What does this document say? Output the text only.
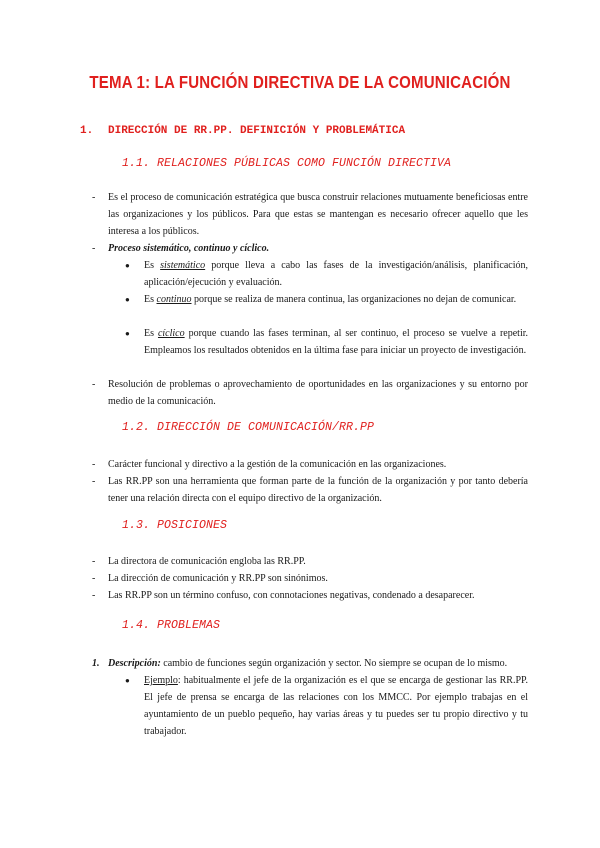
TEMA 1: LA FUNCIÓN DIRECTIVA DE LA COMUNICACIÓN
1. DIRECCIÓN DE RR.PP. DEFINICIÓN Y PROBLEMÁTICA
1.1. RELACIONES PÚBLICAS COMO FUNCIÓN DIRECTIVA
- Es el proceso de comunicación estratégica que busca construir relaciones mutuamente beneficiosas entre las organizaciones y los públicos. Para que estas se mantengan es necesario ofrecer aquello que les interesa a los públicos.
- Proceso sistemático, continuo y cíclico.
● Es sistemático porque lleva a cabo las fases de la investigación/análisis, planificación, aplicación/ejecución y evaluación.
● Es continuo porque se realiza de manera continua, las organizaciones no dejan de comunicar.
● Es cíclico porque cuando las fases terminan, al ser continuo, el proceso se vuelve a repetir. Empleamos los resultados obtenidos en la última fase para iniciar un proyecto de investigación.
- Resolución de problemas o aprovechamiento de oportunidades en las organizaciones y su entorno por medio de la comunicación.
1.2. DIRECCIÓN DE COMUNICACIÓN/RR.PP
- Carácter funcional y directivo a la gestión de la comunicación en las organizaciones.
- Las RR.PP son una herramienta que forman parte de la función de la organización y por tanto debería tener una relación directa con el equipo directivo de la organización.
1.3. POSICIONES
- La directora de comunicación engloba las RR.PP.
- La dirección de comunicación y RR.PP son sinónimos.
- Las RR.PP son un término confuso, con connotaciones negativas, condenado a desaparecer.
1.4. PROBLEMAS
1. Descripción: cambio de funciones según organización y sector. No siempre se ocupan de lo mismo.
● Ejemplo: habitualmente el jefe de la organización es el que se encarga de gestionar las RR.PP. El jefe de prensa se encarga de las relaciones con los MMCC. Por ejemplo trabajas en el ayuntamiento de un pueblo pequeño, hay varias áreas y tu puedes ser tu propio directivo y tu trabajador.
